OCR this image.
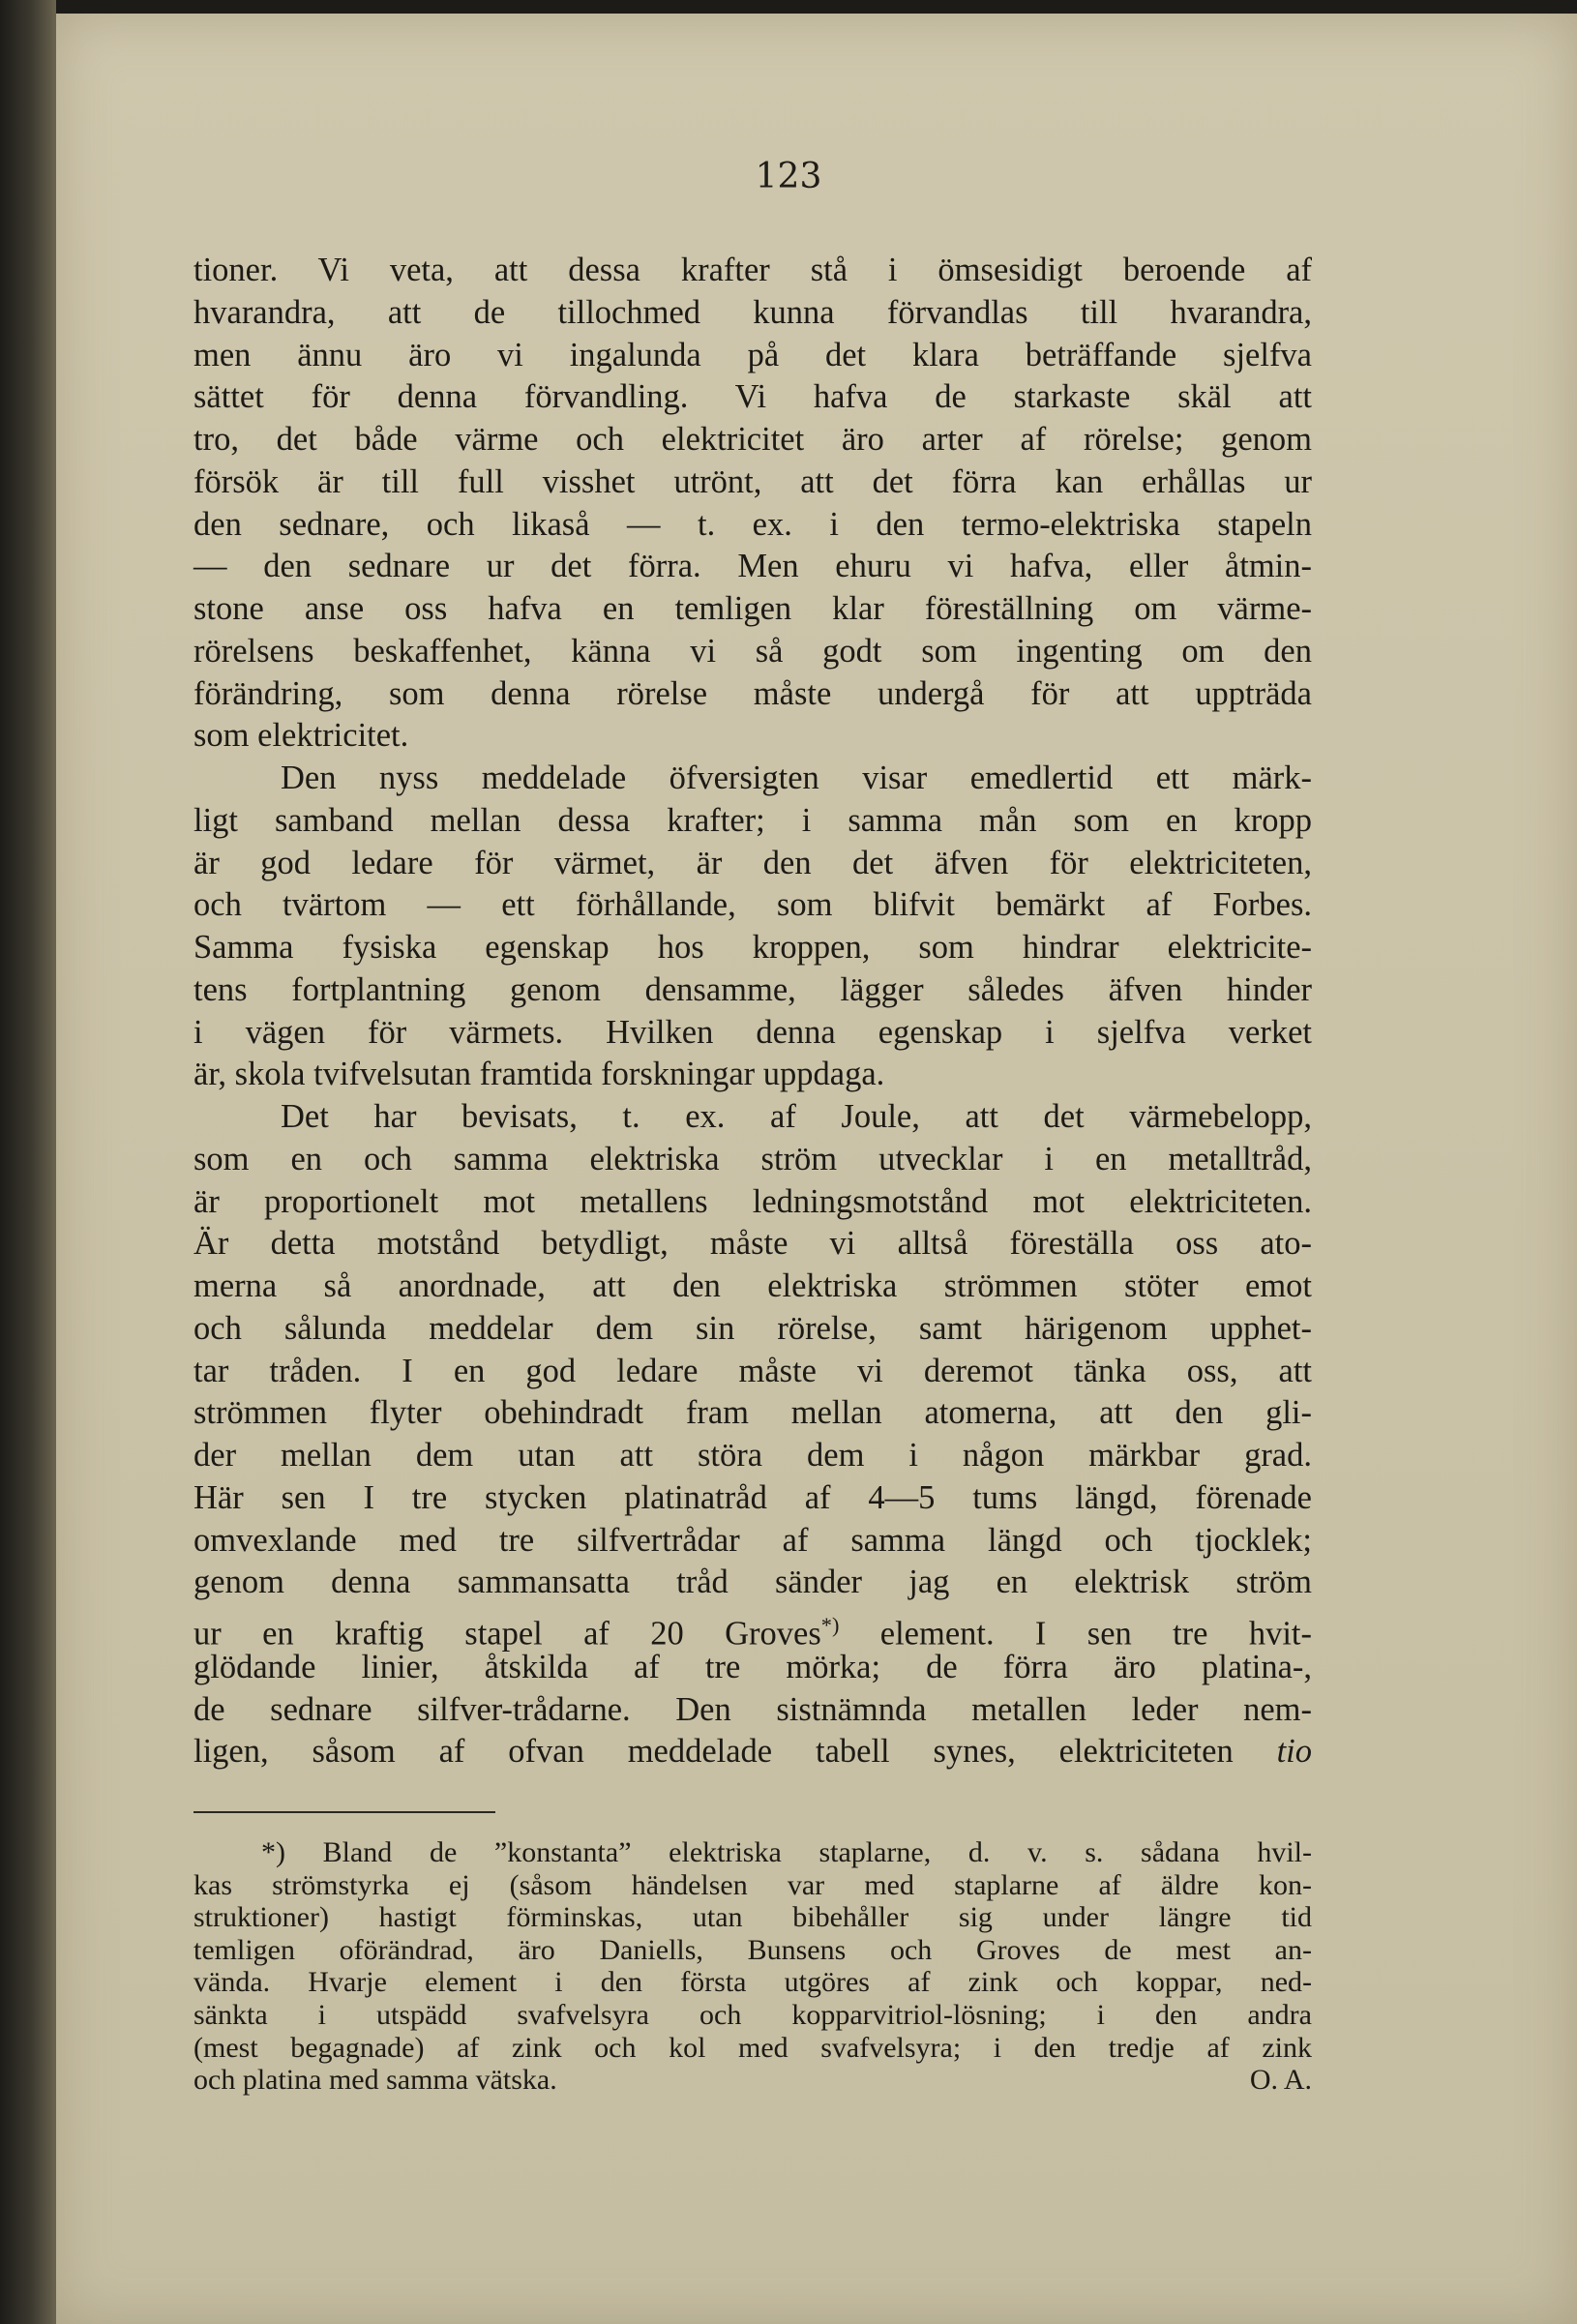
123
tioner. Vi veta, att dessa krafter stå i ömsesidigt beroende af
hvarandra, att de tillochmed kunna förvandlas till hvarandra,
men ännu äro vi ingalunda på det klara beträffande sjelfva
sättet för denna förvandling. Vi hafva de starkaste skäl att
tro, det både värme och elektricitet äro arter af rörelse; genom
försök är till full visshet utrönt, att det förra kan erhållas ur
den sednare, och likaså — t. ex. i den termo-elektriska stapeln
— den sednare ur det förra. Men ehuru vi hafva, eller åtmin-
stone anse oss hafva en temligen klar föreställning om värme-
rörelsens beskaffenhet, känna vi så godt som ingenting om den
förändring, som denna rörelse måste undergå för att uppträda
som elektricitet.
Den nyss meddelade öfversigten visar emedlertid ett märk-
ligt samband mellan dessa krafter; i samma mån som en kropp
är god ledare för värmet, är den det äfven för elektriciteten,
och tvärtom — ett förhållande, som blifvit bemärkt af Forbes.
Samma fysiska egenskap hos kroppen, som hindrar elektricite-
tens fortplantning genom densamme, lägger således äfven hinder
i vägen för värmets. Hvilken denna egenskap i sjelfva verket
är, skola tvifvelsutan framtida forskningar uppdaga.
Det har bevisats, t. ex. af Joule, att det värmebelopp,
som en och samma elektriska ström utvecklar i en metalltråd,
är proportionelt mot metallens ledningsmotstånd mot elektriciteten.
Är detta motstånd betydligt, måste vi alltså föreställa oss ato-
merna så anordnade, att den elektriska strömmen stöter emot
och sålunda meddelar dem sin rörelse, samt härigenom upphet-
tar tråden. I en god ledare måste vi deremot tänka oss, att
strömmen flyter obehindradt fram mellan atomerna, att den gli-
der mellan dem utan att störa dem i någon märkbar grad.
Här sen I tre stycken platinatråd af 4—5 tums längd, förenade
omvexlande med tre silfvertrådar af samma längd och tjocklek;
genom denna sammansatta tråd sänder jag en elektrisk ström
ur en kraftig stapel af 20 Groves*) element. I sen tre hvit-
glödande linier, åtskilda af tre mörka; de förra äro platina-,
de sednare silfver-trådarne. Den sistnämnda metallen leder nem-
ligen, såsom af ofvan meddelade tabell synes, elektriciteten tio
*) Bland de ”konstanta” elektriska staplarne, d. v. s. sådana hvil-
kas strömstyrka ej (såsom händelsen var med staplarne af äldre kon-
struktioner) hastigt förminskas, utan bibehåller sig under längre tid
temligen oförändrad, äro Daniells, Bunsens och Groves de mest an-
vända. Hvarje element i den första utgöres af zink och koppar, ned-
sänkta i utspädd svafvelsyra och kopparvitriol-lösning; i den andra
(mest begagnade) af zink och kol med svafvelsyra; i den tredje af zink
och platina med samma vätska.	O. A.
